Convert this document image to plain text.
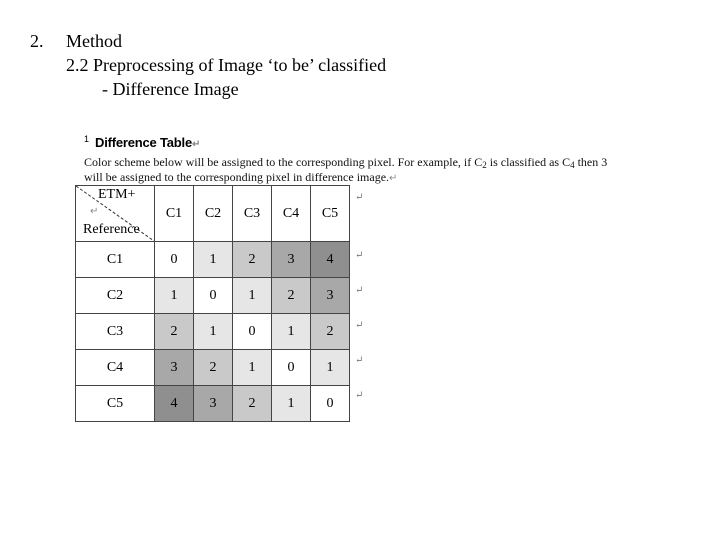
2. Method
2.2 Preprocessing of Image ‘to be’ classified
- Difference Image
1 Difference Table↵
Color scheme below will be assigned to the corresponding pixel. For example, if $C_2$ is classified as $C_4$ then 3
will be assigned to the corresponding pixel in difference image.↵
ETM+
↵
Reference	C1	C2	C3	C4	C5
C1	0	1	2	3	4
C2	1	0	1	2	3
C3	2	1	0	1	2
C4	3	2	1	0	1
C5	4	3	2	1	0
↵
↵
↵
↵
↵
↵
